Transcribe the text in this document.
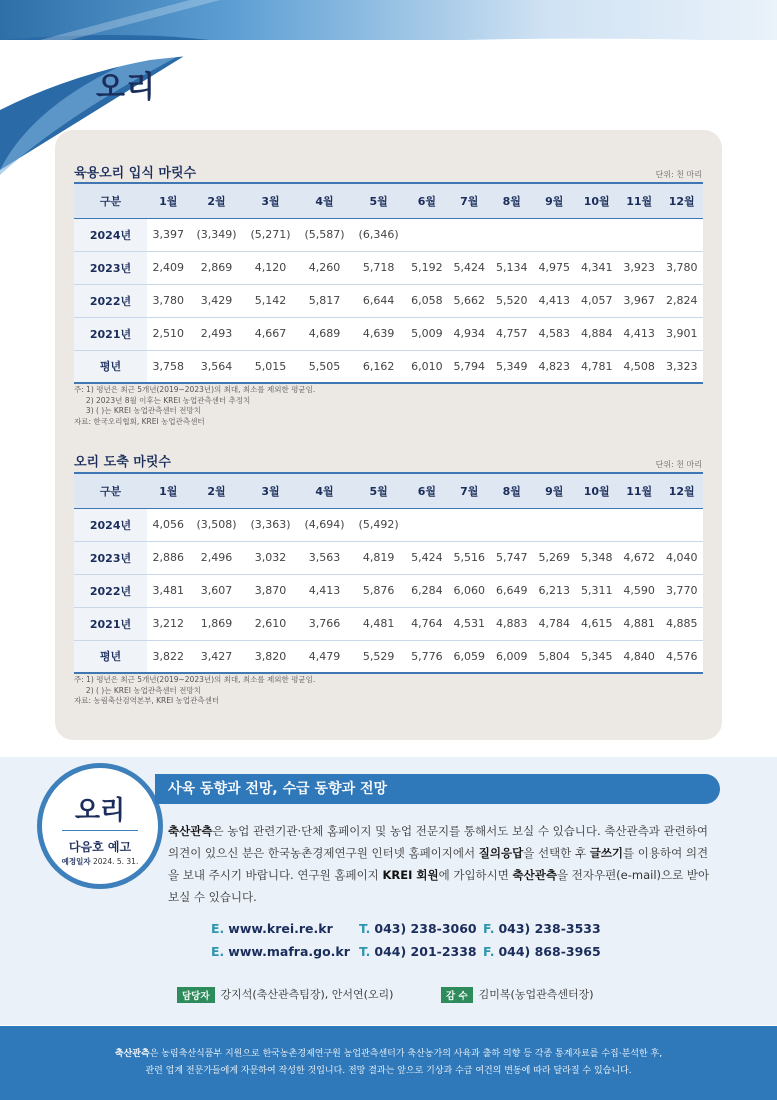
오리
육용오리 입식 마릿수	단위: 천 마리
구분	1월	2월	3월	4월	5월	6월	7월	8월	9월	10월	11월	12월
2024년	3,397	(3,349)	(5,271)	(5,587)	(6,346)							
2023년	2,409	2,869	4,120	4,260	5,718	5,192	5,424	5,134	4,975	4,341	3,923	3,780
2022년	3,780	3,429	5,142	5,817	6,644	6,058	5,662	5,520	4,413	4,057	3,967	2,824
2021년	2,510	2,493	4,667	4,689	4,639	5,009	4,934	4,757	4,583	4,884	4,413	3,901
평년	3,758	3,564	5,015	5,505	6,162	6,010	5,794	5,349	4,823	4,781	4,508	3,323
주: 1) 평년은 최근 5개년(2019~2023년)의 최대, 최소를 제외한 평균임.
2) 2023년 8월 이후는 KREI 농업관측센터 추정치
3) ( )는 KREI 농업관측센터 전망치
자료: 한국오리협회, KREI 농업관측센터
오리 도축 마릿수	단위: 천 마리
구분	1월	2월	3월	4월	5월	6월	7월	8월	9월	10월	11월	12월
2024년	4,056	(3,508)	(3,363)	(4,694)	(5,492)							
2023년	2,886	2,496	3,032	3,563	4,819	5,424	5,516	5,747	5,269	5,348	4,672	4,040
2022년	3,481	3,607	3,870	4,413	5,876	6,284	6,060	6,649	6,213	5,311	4,590	3,770
2021년	3,212	1,869	2,610	3,766	4,481	4,764	4,531	4,883	4,784	4,615	4,881	4,885
평년	3,822	3,427	3,820	4,479	5,529	5,776	6,059	6,009	5,804	5,345	4,840	4,576
주: 1) 평년은 최근 5개년(2019~2023년)의 최대, 최소를 제외한 평균임.
2) ( )는 KREI 농업관측센터 전망치
자료: 농림축산검역본부, KREI 농업관측센터
오리
다음호 예고
예정일자 2024. 5. 31.
사육 동향과 전망, 수급 동향과 전망
축산관측은 농업 관련기관·단체 홈페이지 및 농업 전문지를 통해서도 보실 수 있습니다. 축산관측과 관련하여 의견이 있으신 분은 한국농촌경제연구원 인터넷 홈페이지에서 질의응답을 선택한 후 글쓰기를 이용하여 의견을 보내 주시기 바랍니다. 연구원 홈페이지 KREI 회원에 가입하시면 축산관측을 전자우편(e-mail)으로 받아 보실 수 있습니다.
E. www.krei.re.kr	T. 043) 238-3060 F. 043) 238-3533
E. www.mafra.go.kr T. 044) 201-2338 F. 044) 868-3965
담당자 강지석(축산관측팀장), 안서연(오리)	감 수 김미복(농업관측센터장)
축산관측은 농림축산식품부 지원으로 한국농촌경제연구원 농업관측센터가 축산농가의 사육과 출하 의향 등 각종 통계자료를 수집·분석한 후,
관련 업계 전문가들에게 자문하여 작성한 것입니다. 전망 결과는 앞으로 기상과 수급 여건의 변동에 따라 달라질 수 있습니다.
